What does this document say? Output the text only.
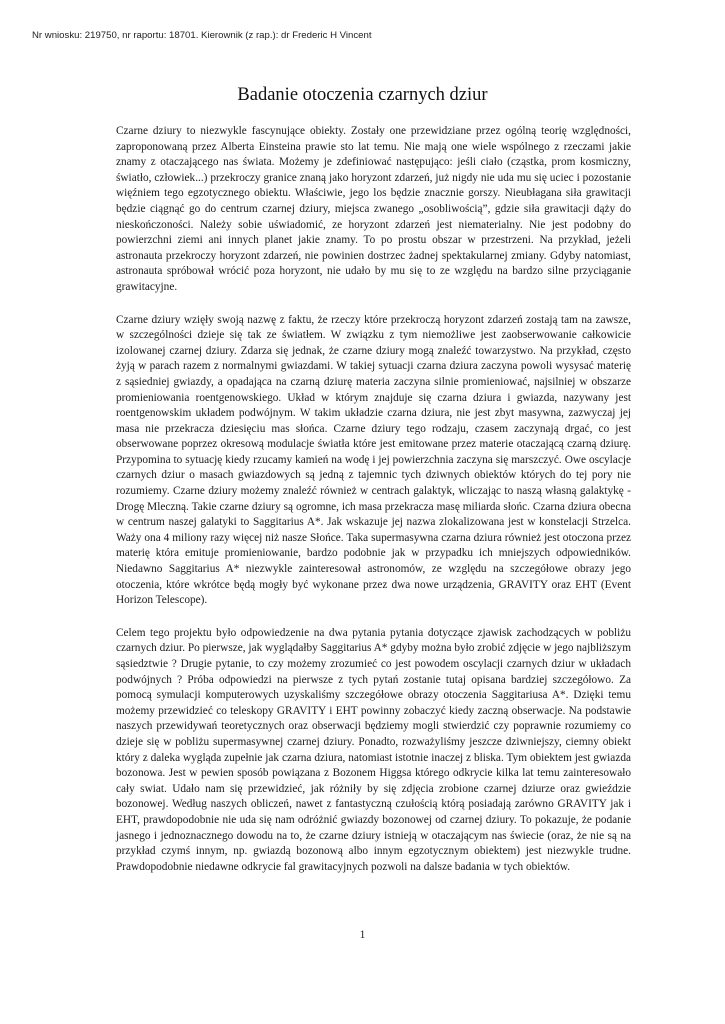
Nr wniosku: 219750, nr raportu: 18701. Kierownik (z rap.): dr Frederic H Vincent
Badanie otoczenia czarnych dziur

Czarne dziury to niezwykle fascynujące obiekty. Zostały one przewidziane przez ogólną teorię względności, zaproponowaną przez Alberta Einsteina prawie sto lat temu. Nie mają one wiele wspólnego z rzeczami jakie znamy z otaczającego nas świata. Możemy je zdefiniować następująco: jeśli ciało (cząstka, prom kosmiczny, światło, człowiek...) przekroczy granice znaną jako horyzont zdarzeń, już nigdy nie uda mu się uciec i pozostanie więźniem tego egzotycznego obiektu. Właściwie, jego los będzie znacznie gorszy. Nieubłagana siła grawitacji będzie ciągnąć go do centrum czarnej dziury, miejsca zwanego „osobliwością”, gdzie siła grawitacji dąży do nieskończoności. Należy sobie uświadomić, ze horyzont zdarzeń jest niematerialny. Nie jest podobny do powierzchni ziemi ani innych planet jakie znamy. To po prostu obszar w przestrzeni. Na przykład, jeżeli astronauta przekroczy horyzont zdarzeń, nie powinien dostrzec żadnej spektakularnej zmiany. Gdyby natomiast, astronauta spróbował wrócić poza horyzont, nie udało by mu się to ze względu na bardzo silne przyciąganie grawitacyjne.

Czarne dziury wzięły swoją nazwę z faktu, że rzeczy które przekroczą horyzont zdarzeń zostają tam na zawsze, w szczególności dzieje się tak ze światłem. W związku z tym niemożliwe jest zaobserwowanie całkowicie izolowanej czarnej dziury. Zdarza się jednak, że czarne dziury mogą znaleźć towarzystwo. Na przykład, często żyją w parach razem z normalnymi gwiazdami. W takiej sytuacji czarna dziura zaczyna powoli wysysać materię z sąsiedniej gwiazdy, a opadająca na czarną dziurę materia zaczyna silnie promieniować, najsilniej w obszarze promieniowania roentgenowskiego. Układ w którym znajduje się czarna dziura i gwiazda, nazywany jest roentgenowskim układem podwójnym. W takim układzie czarna dziura, nie jest zbyt masywna, zazwyczaj jej masa nie przekracza dziesięciu mas słońca. Czarne dziury tego rodzaju, czasem zaczynają drgać, co jest obserwowane poprzez okresową modulacje światła które jest emitowane przez materie otaczającą czarną dziurę. Przypomina to sytuację kiedy rzucamy kamień na wodę i jej powierzchnia zaczyna się marszczyć. Owe oscylacje czarnych dziur o masach gwiazdowych są jedną z tajemnic tych dziwnych obiektów których do tej pory nie rozumiemy. Czarne dziury możemy znaleźć również w centrach galaktyk, wliczając to naszą własną galaktykę - Drogę Mleczną. Takie czarne dziury są ogromne, ich masa przekracza masę miliarda słońc. Czarna dziura obecna w centrum naszej galatyki to Saggitarius A*. Jak wskazuje jej nazwa zlokalizowana jest w konstelacji Strzelca. Waży ona 4 miliony razy więcej niż nasze Słońce. Taka supermasywna czarna dziura również jest otoczona przez materię która emituje promieniowanie, bardzo podobnie jak w przypadku ich mniejszych odpowiedników. Niedawno Saggitarius A* niezwykle zainteresował astronomów, ze względu na szczegółowe obrazy jego otoczenia, które wkrótce będą mogły być wykonane przez dwa nowe urządzenia, GRAVITY oraz EHT (Event Horizon Telescope).

Celem tego projektu było odpowiedzenie na dwa pytania pytania dotyczące zjawisk zachodzących w pobliżu czarnych dziur. Po pierwsze, jak wyglądałby Saggitarius A* gdyby można było zrobić zdjęcie w jego najbliższym sąsiedztwie ? Drugie pytanie, to czy możemy zrozumieć co jest powodem oscylacji czarnych dziur w układach podwójnych ? Próba odpowiedzi na pierwsze z tych pytań zostanie tutaj opisana bardziej szczegółowo. Za pomocą symulacji komputerowych uzyskaliśmy szczegółowe obrazy otoczenia Saggitariusa A*. Dzięki temu możemy przewidzieć co teleskopy GRAVITY i EHT powinny zobaczyć kiedy zaczną obserwacje. Na podstawie naszych przewidywań teoretycznych oraz obserwacji będziemy mogli stwierdzić czy poprawnie rozumiemy co dzieje się w pobliżu supermasywnej czarnej dziury. Ponadto, rozważyliśmy jeszcze dziwniejszy, ciemny obiekt który z daleka wygląda zupełnie jak czarna dziura, natomiast istotnie inaczej z bliska. Tym obiektem jest gwiazda bozonowa. Jest w pewien sposób powiązana z Bozonem Higgsa którego odkrycie kilka lat temu zainteresowało cały swiat. Udało nam się przewidzieć, jak różniły by się zdjęcia zrobione czarnej dziurze oraz gwieździe bozonowej. Według naszych obliczeń, nawet z fantastyczną czułością którą posiadają zarówno GRAVITY jak i EHT, prawdopodobnie nie uda się nam odróżnić gwiazdy bozonowej od czarnej dziury. To pokazuje, że podanie jasnego i jednoznacznego dowodu na to, że czarne dziury istnieją w otaczającym nas świecie (oraz, że nie są na przykład czymś innym, np. gwiazdą bozonową albo innym egzotycznym obiektem) jest niezwykle trudne. Prawdopodobnie niedawne odkrycie fal grawitacyjnych pozwoli na dalsze badania w tych obiektów.

1
